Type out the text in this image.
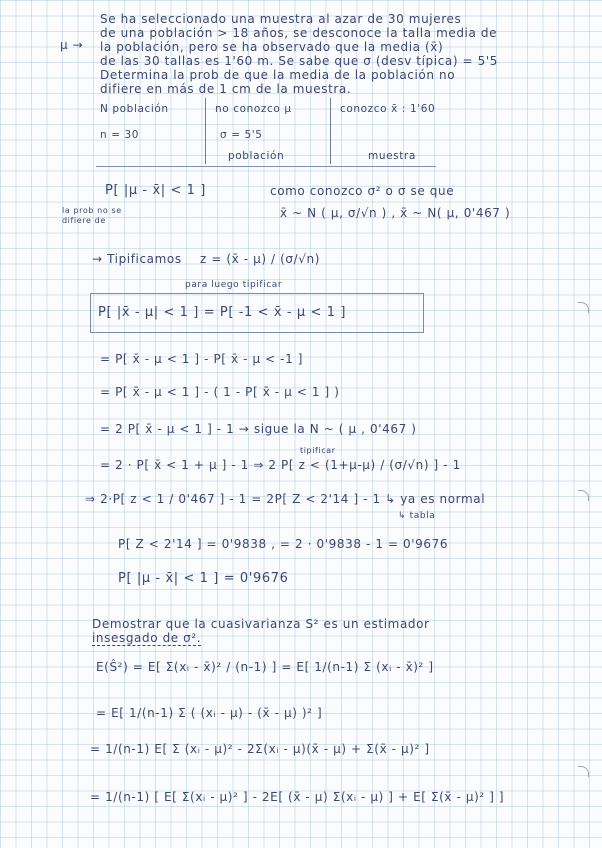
μ →
Se ha seleccionado una muestra al azar de 30 mujeres
de una población > 18 años, se desconoce la talla media de
la población, pero se ha observado que la media (x̄)
de las 30 tallas es 1'60 m. Se sabe que σ (desv típica) = 5'5
Determina la prob de que la media de la población no
difiere en más de 1 cm de la muestra.
N población
n = 30
no conozco μ
σ = 5'5
población
conozco x̄ : 1'60
muestra
P[ |μ - x̄| < 1 ]	como conozco σ² o σ se que
la prob no se
difiere de
x̄ ~ N ( μ, σ/√n ) , x̄ ~ N( μ, 0'467 )
→ Tipificamos z = (x̄ - μ) / (σ/√n)
para luego tipificar
P[ |x̄ - μ| < 1 ] = P[ -1 < x̄ - μ < 1 ]
= P[ x̄ - μ < 1 ] - P[ x̄ - μ < -1 ]
= P[ x̄ - μ < 1 ] - ( 1 - P[ x̄ - μ < 1 ] )
= 2 P[ x̄ - μ < 1 ] - 1 → sigue la N ~ ( μ , 0'467 )
tipificar
= 2 · P[ x̄ < 1 + μ ] - 1 ⇒ 2 P[ z < (1+μ-μ) / (σ/√n) ] - 1
⇒ 2·P[ z < 1 / 0'467 ] - 1 = 2P[ Z < 2'14 ] - 1 ↳ ya es normal
↳ tabla
P[ Z < 2'14 ] = 0'9838 , = 2 · 0'9838 - 1 = 0'9676
P[ |μ - x̄| < 1 ] = 0'9676
Demostrar que la cuasivarianza S² es un estimador
insesgado de σ².
E(Ŝ²) = E[ Σ(xᵢ - x̄)² / (n-1) ] = E[ 1/(n-1) Σ (xᵢ - x̄)² ]
= E[ 1/(n-1) Σ ( (xᵢ - μ) - (x̄ - μ) )² ]
= 1/(n-1) E[ Σ (xᵢ - μ)² - 2Σ(xᵢ - μ)(x̄ - μ) + Σ(x̄ - μ)² ]
= 1/(n-1) [ E[ Σ(xᵢ - μ)² ] - 2E[ (x̄ - μ) Σ(xᵢ - μ) ] + E[ Σ(x̄ - μ)² ] ]
